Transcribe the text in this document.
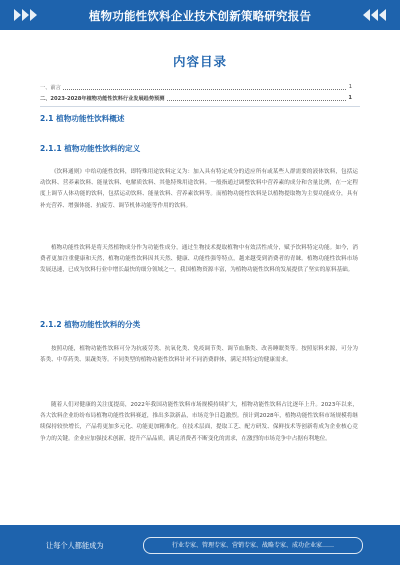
植物功能性饮料企业技术创新策略研究报告
内容目录
一、前言	1
二、2023-2028年植物功能性饮料行业发展趋势预测	1
2.1 植物功能性饮料概述
2.1.1 植物功能性饮料的定义
《饮料通则》中给功能性饮料，即特殊用途饮料定义为：加入具有特定成分的适应所有或某些人群需要的液体饮料，包括运动饮料、营养素饮料、能量饮料、电解质饮料、其他特殊用途饮料。一般指通过调整饮料中营养素的成分和含量比例，在一定程度上调节人体功能的饮料，包括运动饮料、能量饮料、营养素饮料等。而植物功能性饮料是以植物提取物为主要功能成分，具有补充营养、增强体能、抗疲劳、调节机体功能等作用的饮料。
植物功能性饮料是将天然植物成分作为功能性成分，通过生物技术提取植物中有效活性成分，赋予饮料特定功能。如今，消费者更加注重健康和天然，植物功能性饮料因其天然、健康、功能性强等特点，越来越受到消费者的青睐。植物功能性饮料市场发展迅速，已成为饮料行业中增长最快的细分领域之一。我国植物资源丰富，为植物功能性饮料的发展提供了坚实的原料基础。
2.1.2 植物功能性饮料的分类
按照功能，植物功能性饮料可分为抗疲劳类、抗氧化类、免疫调节类、调节血脂类、改善睡眠类等。按照原料来源，可分为茶类、中草药类、果蔬类等。不同类型的植物功能性饮料针对不同消费群体，满足其特定的健康需求。
随着人们对健康的关注度提高，2022年我国功能性饮料市场规模持续扩大，植物功能性饮料占比逐年上升。2023年以来，各大饮料企业纷纷布局植物功能性饮料赛道，推出多款新品，市场竞争日趋激烈。预计到2028年，植物功能性饮料市场规模将继续保持较快增长，产品将更加多元化、功能更加精准化。在技术层面，提取工艺、配方研发、保鲜技术等创新将成为企业核心竞争力的关键。企业应加强技术创新，提升产品品质，满足消费者不断变化的需求，在激烈的市场竞争中占据有利地位。
让每个人都能成为	行业专家、管理专家、营销专家、战略专家、成功企业家……
